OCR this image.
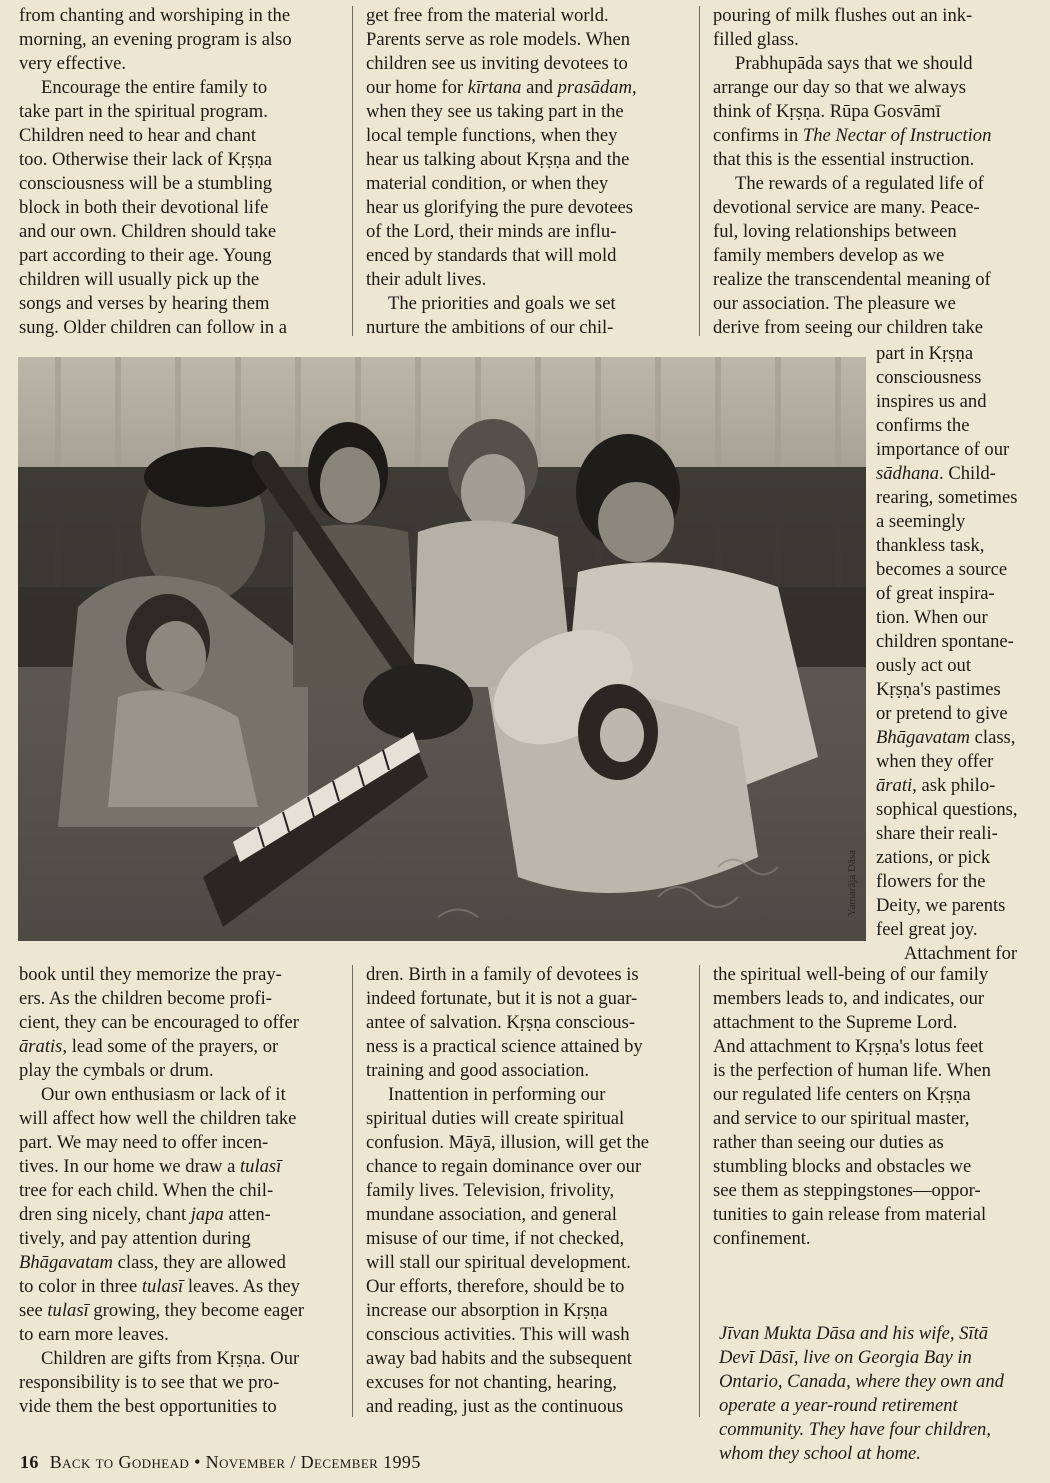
from chanting and worshiping in the
morning, an evening program is also
very effective.
Encourage the entire family to
take part in the spiritual program.
Children need to hear and chant
too. Otherwise their lack of Kṛṣṇa
consciousness will be a stumbling
block in both their devotional life
and our own. Children should take
part according to their age. Young
children will usually pick up the
songs and verses by hearing them
sung. Older children can follow in a
get free from the material world.
Parents serve as role models. When
children see us inviting devotees to
our home for kīrtana and prasādam,
when they see us taking part in the
local temple functions, when they
hear us talking about Kṛṣṇa and the
material condition, or when they
hear us glorifying the pure devotees
of the Lord, their minds are influ-
enced by standards that will mold
their adult lives.
The priorities and goals we set
nurture the ambitions of our chil-
pouring of milk flushes out an ink-
filled glass.
Prabhupāda says that we should
arrange our day so that we always
think of Kṛṣṇa. Rūpa Gosvāmī
confirms in The Nectar of Instruction
that this is the essential instruction.
The rewards of a regulated life of
devotional service are many. Peace-
ful, loving relationships between
family members develop as we
realize the transcendental meaning of
our association. The pleasure we
derive from seeing our children take
part in Kṛṣṇa
consciousness
inspires us and
confirms the
importance of our
sādhana. Child-
rearing, sometimes
a seemingly
thankless task,
becomes a source
of great inspira-
tion. When our
children spontane-
ously act out
Kṛṣṇa's pastimes
or pretend to give
Bhāgavatam class,
when they offer
ārati, ask philo-
sophical questions,
share their reali-
zations, or pick
flowers for the
Deity, we parents
feel great joy.
Attachment for
Yamarāja Dāsa
book until they memorize the pray-
ers. As the children become profi-
cient, they can be encouraged to offer
āratis, lead some of the prayers, or
play the cymbals or drum.
Our own enthusiasm or lack of it
will affect how well the children take
part. We may need to offer incen-
tives. In our home we draw a tulasī
tree for each child. When the chil-
dren sing nicely, chant japa atten-
tively, and pay attention during
Bhāgavatam class, they are allowed
to color in three tulasī leaves. As they
see tulasī growing, they become eager
to earn more leaves.
Children are gifts from Kṛṣṇa. Our
responsibility is to see that we pro-
vide them the best opportunities to
dren. Birth in a family of devotees is
indeed fortunate, but it is not a guar-
antee of salvation. Kṛṣṇa conscious-
ness is a practical science attained by
training and good association.
Inattention in performing our
spiritual duties will create spiritual
confusion. Māyā, illusion, will get the
chance to regain dominance over our
family lives. Television, frivolity,
mundane association, and general
misuse of our time, if not checked,
will stall our spiritual development.
Our efforts, therefore, should be to
increase our absorption in Kṛṣṇa
conscious activities. This will wash
away bad habits and the subsequent
excuses for not chanting, hearing,
and reading, just as the continuous
the spiritual well-being of our family
members leads to, and indicates, our
attachment to the Supreme Lord.
And attachment to Kṛṣṇa's lotus feet
is the perfection of human life. When
our regulated life centers on Kṛṣṇa
and service to our spiritual master,
rather than seeing our duties as
stumbling blocks and obstacles we
see them as steppingstones—oppor-
tunities to gain release from material
confinement.
Jīvan Mukta Dāsa and his wife, Sītā
Devī Dāsī, live on Georgia Bay in
Ontario, Canada, where they own and
operate a year-round retirement
community. They have four children,
whom they school at home.
16 Back to Godhead • November / December 1995
